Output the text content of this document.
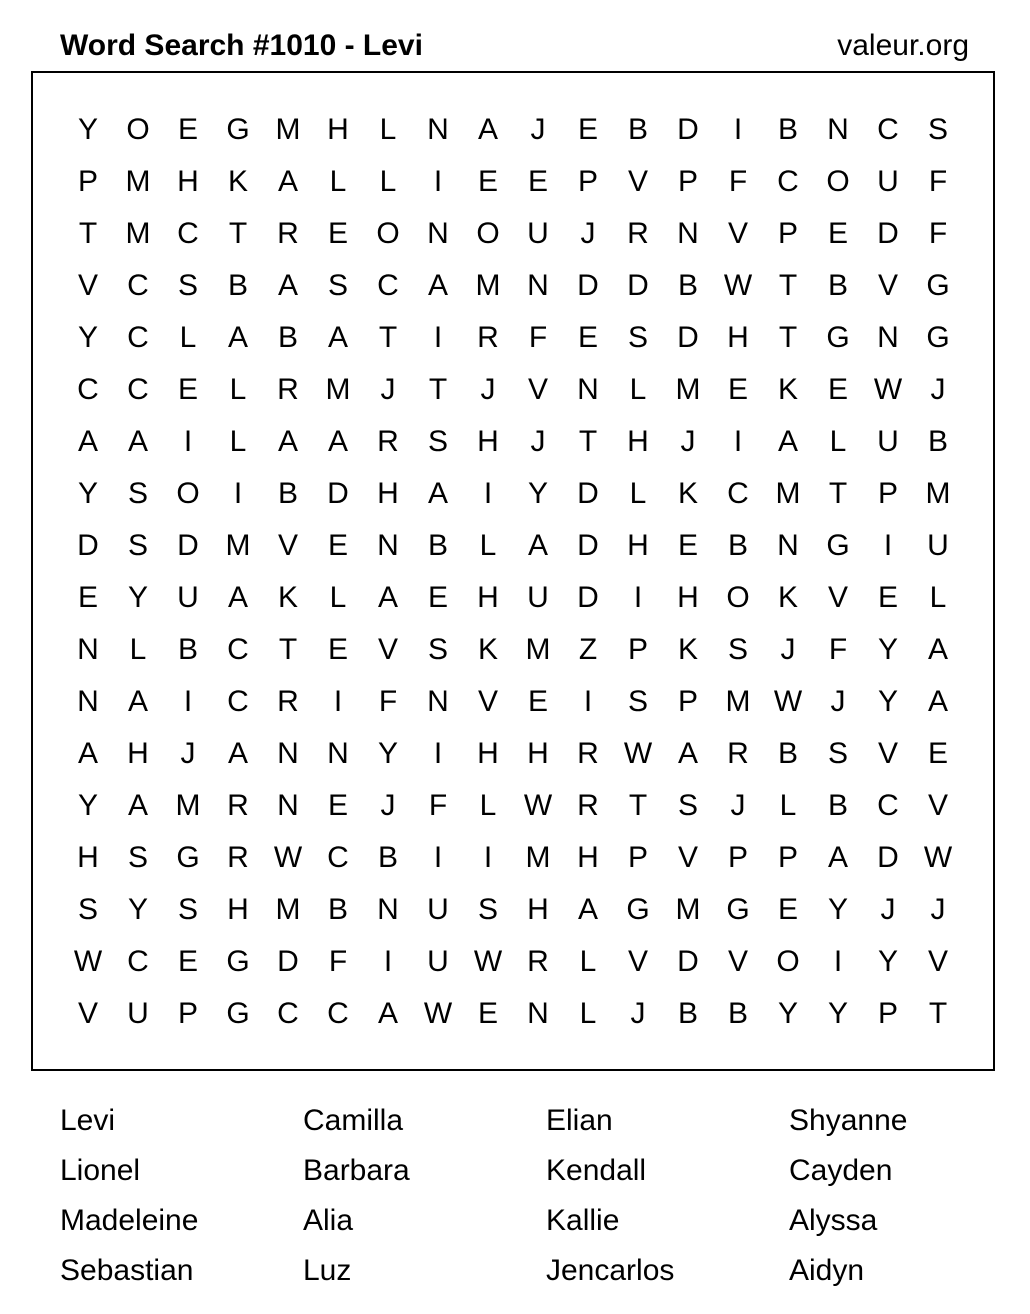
Word Search #1010 - Levi	valeur.org
Y O E G M H	L	N A	J	E B D	I	B N C S
P M H K A	L	L	I	E E P V P	F	C O U	F
T M C	T	R E O N O U	J	R N V P E D	F
V C S B A S C A M N D D B W T	B V G
Y C	L	A B A	T	I	R	F	E S D H	T G N G
C C E	L	R M	J	T	J	V N	L M E K E W J
A A	I	L	A A R S H	J	T	H	J	I	A	L	U B
Y S O	I	B D H A	I	Y D	L	K C M T	P M
D S D M V E N B	L	A D H E B N G	I	U
E Y U A K	L	A E H U D	I	H O K V E	L
N	L	B C	T	E V S K M Z	P K S	J	F	Y A
N A	I	C R	I	F	N V E	I	S P M W J	Y A
A H	J	A N N Y	I	H H R W A R B S V E
Y A M R N E	J	F	L W R	T	S	J	L	B C V
H S G R W C B	I	I	M H P V P P A D W
S Y S H M B N U S H A G M G E Y	J	J
W C E G D	F	I	U W R	L	V D V O	I	Y V
V U P G C C A W E N	L	J	B B Y Y P	T
Levi	Camilla	Elian	Shyanne
Lionel	Barbara	Kendall	Cayden
Madeleine	Alia	Kallie	Alyssa
Sebastian	Luz	Jencarlos	Aidyn
